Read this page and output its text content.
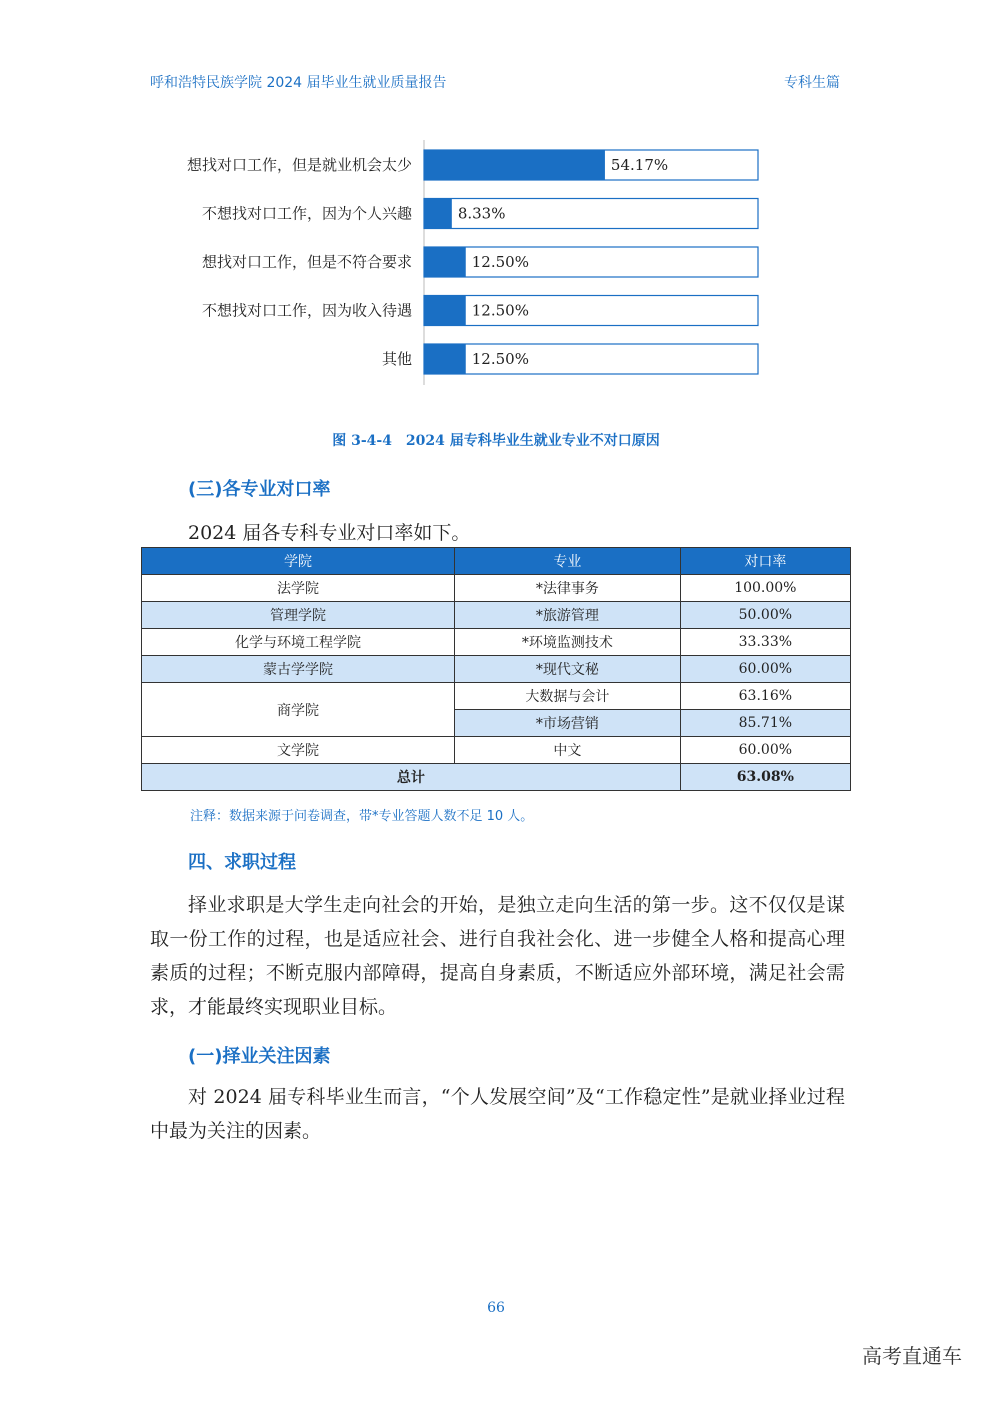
呼和浩特民族学院 2024 届毕业生就业质量报告	专科生篇
想找对口工作，但是就业机会太少	54.17%
不想找对口工作，因为个人兴趣	8.33%
想找对口工作，但是不符合要求	12.50%
不想找对口工作，因为收入待遇	12.50%
其他	12.50%
图 3-4-4　2024 届专科毕业生就业专业不对口原因
(三)各专业对口率

2024 届各专科专业对口率如下。

学院	专业	对口率
法学院	*法律事务	100.00%
管理学院	*旅游管理	50.00%
化学与环境工程学院	*环境监测技术	33.33%
蒙古学学院	*现代文秘	60.00%
商学院	大数据与会计	63.16%
	*市场营销	85.71%
文学院	中文	60.00%
总计		63.08%
注释：数据来源于问卷调查，带*专业答题人数不足 10 人。
四、求职过程

择业求职是大学生走向社会的开始，是独立走向生活的第一步。这不仅仅是谋取一份工作的过程，也是适应社会、进行自我社会化、进一步健全人格和提高心理素质的过程；不断克服内部障碍，提高自身素质，不断适应外部环境，满足社会需求，才能最终实现职业目标。

(一)择业关注因素

对 2024 届专科毕业生而言，“个人发展空间”及“工作稳定性”是就业择业过程中最为关注的因素。

66
高考直通车
